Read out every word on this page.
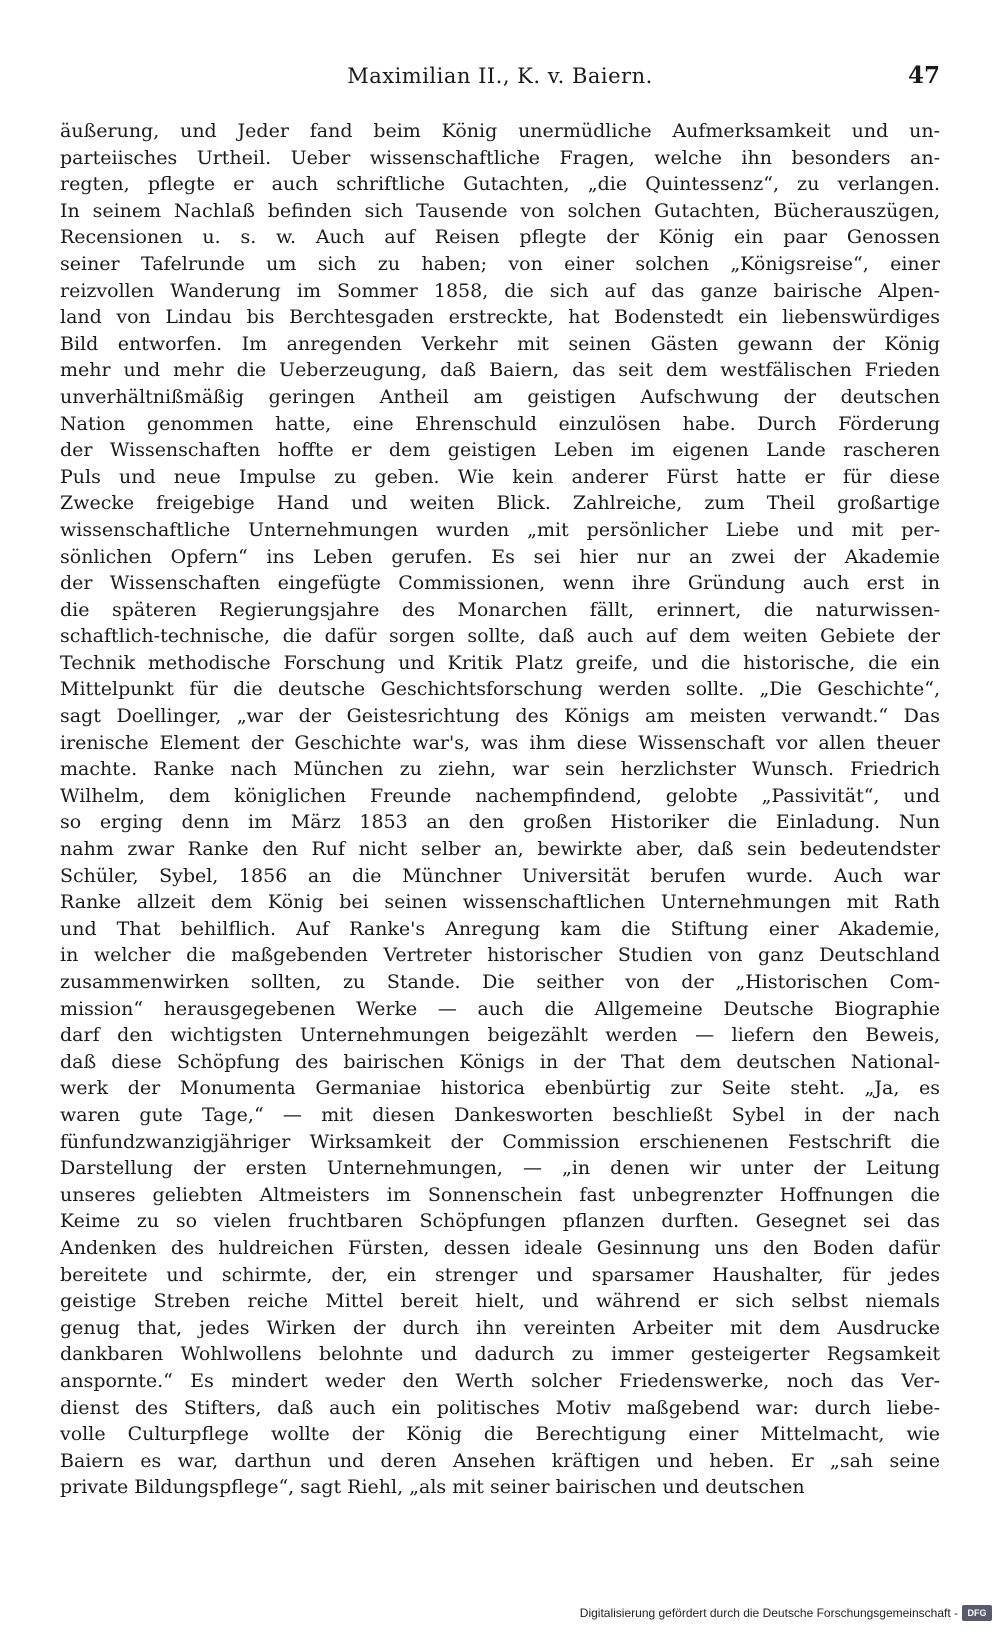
Maximilian II., K. v. Baiern.	47
äußerung, und Jeder fand beim König unermüdliche Aufmerksamkeit und un-
parteiisches Urtheil. Ueber wissenschaftliche Fragen, welche ihn besonders an-
regten, pflegte er auch schriftliche Gutachten, „die Quintessenz“, zu verlangen.
In seinem Nachlaß befinden sich Tausende von solchen Gutachten, Bücherauszügen,
Recensionen u. s. w. Auch auf Reisen pflegte der König ein paar Genossen
seiner Tafelrunde um sich zu haben; von einer solchen „Königsreise“, einer
reizvollen Wanderung im Sommer 1858, die sich auf das ganze bairische Alpen-
land von Lindau bis Berchtesgaden erstreckte, hat Bodenstedt ein liebenswürdiges
Bild entworfen. Im anregenden Verkehr mit seinen Gästen gewann der König
mehr und mehr die Ueberzeugung, daß Baiern, das seit dem westfälischen Frieden
unverhältnißmäßig geringen Antheil am geistigen Aufschwung der deutschen
Nation genommen hatte, eine Ehrenschuld einzulösen habe. Durch Förderung
der Wissenschaften hoffte er dem geistigen Leben im eigenen Lande rascheren
Puls und neue Impulse zu geben. Wie kein anderer Fürst hatte er für diese
Zwecke freigebige Hand und weiten Blick. Zahlreiche, zum Theil großartige
wissenschaftliche Unternehmungen wurden „mit persönlicher Liebe und mit per-
sönlichen Opfern“ ins Leben gerufen. Es sei hier nur an zwei der Akademie
der Wissenschaften eingefügte Commissionen, wenn ihre Gründung auch erst in
die späteren Regierungsjahre des Monarchen fällt, erinnert, die naturwissen-
schaftlich-technische, die dafür sorgen sollte, daß auch auf dem weiten Gebiete der
Technik methodische Forschung und Kritik Platz greife, und die historische, die ein
Mittelpunkt für die deutsche Geschichtsforschung werden sollte. „Die Geschichte“,
sagt Doellinger, „war der Geistesrichtung des Königs am meisten verwandt.“ Das
irenische Element der Geschichte war's, was ihm diese Wissenschaft vor allen theuer
machte. Ranke nach München zu ziehn, war sein herzlichster Wunsch. Friedrich
Wilhelm, dem königlichen Freunde nachempfindend, gelobte „Passivität“, und
so erging denn im März 1853 an den großen Historiker die Einladung. Nun
nahm zwar Ranke den Ruf nicht selber an, bewirkte aber, daß sein bedeutendster
Schüler, Sybel, 1856 an die Münchner Universität berufen wurde. Auch war
Ranke allzeit dem König bei seinen wissenschaftlichen Unternehmungen mit Rath
und That behilflich. Auf Ranke's Anregung kam die Stiftung einer Akademie,
in welcher die maßgebenden Vertreter historischer Studien von ganz Deutschland
zusammenwirken sollten, zu Stande. Die seither von der „Historischen Com-
mission“ herausgegebenen Werke — auch die Allgemeine Deutsche Biographie
darf den wichtigsten Unternehmungen beigezählt werden — liefern den Beweis,
daß diese Schöpfung des bairischen Königs in der That dem deutschen National-
werk der Monumenta Germaniae historica ebenbürtig zur Seite steht. „Ja, es
waren gute Tage,“ — mit diesen Dankesworten beschließt Sybel in der nach
fünfundzwanzigjähriger Wirksamkeit der Commission erschienenen Festschrift die
Darstellung der ersten Unternehmungen, — „in denen wir unter der Leitung
unseres geliebten Altmeisters im Sonnenschein fast unbegrenzter Hoffnungen die
Keime zu so vielen fruchtbaren Schöpfungen pflanzen durften. Gesegnet sei das
Andenken des huldreichen Fürsten, dessen ideale Gesinnung uns den Boden dafür
bereitete und schirmte, der, ein strenger und sparsamer Haushalter, für jedes
geistige Streben reiche Mittel bereit hielt, und während er sich selbst niemals
genug that, jedes Wirken der durch ihn vereinten Arbeiter mit dem Ausdrucke
dankbaren Wohlwollens belohnte und dadurch zu immer gesteigerter Regsamkeit
anspornte.“ Es mindert weder den Werth solcher Friedenswerke, noch das Ver-
dienst des Stifters, daß auch ein politisches Motiv maßgebend war: durch liebe-
volle Culturpflege wollte der König die Berechtigung einer Mittelmacht, wie
Baiern es war, darthun und deren Ansehen kräftigen und heben. Er „sah seine
private Bildungspflege“, sagt Riehl, „als mit seiner bairischen und deutschen
Digitalisierung gefördert durch die Deutsche Forschungsgemeinschaft -	DFG
